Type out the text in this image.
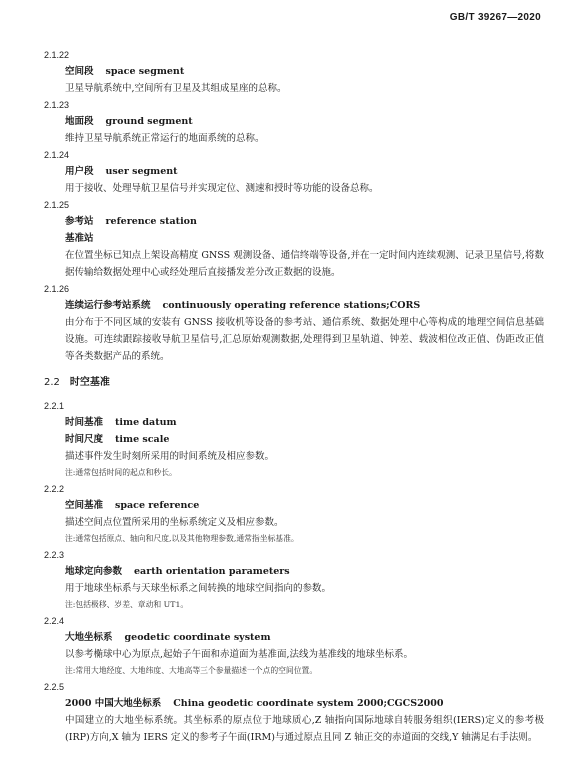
GB/T 39267—2020
2.1.22
空间段 space segment
卫星导航系统中,空间所有卫星及其组成星座的总称。
2.1.23
地面段 ground segment
维持卫星导航系统正常运行的地面系统的总称。
2.1.24
用户段 user segment
用于接收、处理导航卫星信号并实现定位、测速和授时等功能的设备总称。
2.1.25
参考站 reference station
基准站
在位置坐标已知点上架设高精度 GNSS 观测设备、通信终端等设备,并在一定时间内连续观测、记录卫星信号,将数据传输给数据处理中心或经处理后直接播发差分改正数据的设施。
2.1.26
连续运行参考站系统 continuously operating reference stations;CORS
由分布于不同区域的安装有 GNSS 接收机等设备的参考站、通信系统、数据处理中心等构成的地理空间信息基础设施。可连续跟踪接收导航卫星信号,汇总原始观测数据,处理得到卫星轨道、钟差、载波相位改正值、伪距改正值等各类数据产品的系统。
2.2 时空基准
2.2.1
时间基准 time datum
时间尺度 time scale
描述事件发生时刻所采用的时间系统及相应参数。
注:通常包括时间的起点和秒长。
2.2.2
空间基准 space reference
描述空间点位置所采用的坐标系统定义及相应参数。
注:通常包括原点、轴向和尺度,以及其他物理参数,通常指坐标基准。
2.2.3
地球定向参数 earth orientation parameters
用于地球坐标系与天球坐标系之间转换的地球空间指向的参数。
注:包括极移、岁差、章动和 UT1。
2.2.4
大地坐标系 geodetic coordinate system
以参考椭球中心为原点,起始子午面和赤道面为基准面,法线为基准线的地球坐标系。
注:常用大地经度、大地纬度、大地高等三个参量描述一个点的空间位置。
2.2.5
2000 中国大地坐标系 China geodetic coordinate system 2000;CGCS2000
中国建立的大地坐标系统。其坐标系的原点位于地球质心,Z 轴指向国际地球自转服务组织(IERS)定义的参考极(IRP)方向,X 轴为 IERS 定义的参考子午面(IRM)与通过原点且同 Z 轴正交的赤道面的交线,Y 轴满足右手法则。
